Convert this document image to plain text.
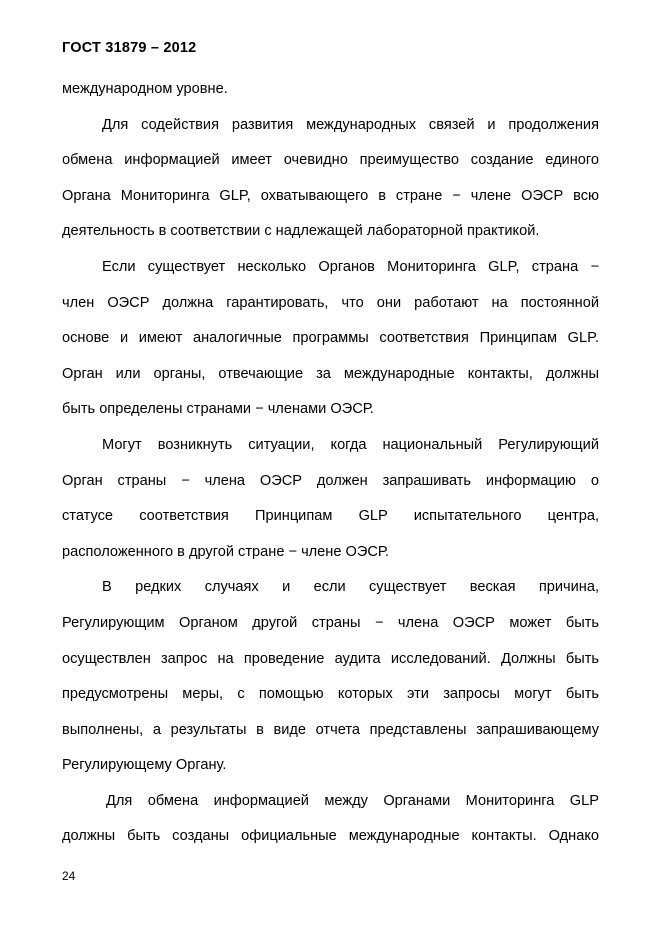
ГОСТ 31879 – 2012
международном уровне.
Для содействия развития международных связей и продолжения
обмена информацией имеет очевидно преимущество создание единого
Органа Мониторинга GLP, охватывающего в стране − члене ОЭСР всю
деятельность в соответствии с надлежащей лабораторной практикой.
Если существует несколько Органов Мониторинга GLP, страна −
член ОЭСР должна гарантировать, что они работают на постоянной
основе и имеют аналогичные программы соответствия Принципам GLP.
Орган или органы, отвечающие за международные контакты, должны
быть определены странами − членами ОЭСР.
Могут возникнуть ситуации, когда национальный Регулирующий
Орган страны − члена ОЭСР должен запрашивать информацию о
статусе соответствия Принципам GLP испытательного центра,
расположенного в другой стране − члене ОЭСР.
В редких случаях и если существует веская причина,
Регулирующим Органом другой страны − члена ОЭСР может быть
осуществлен запрос на проведение аудита исследований. Должны быть
предусмотрены меры, с помощью которых эти запросы могут быть
выполнены, а результаты в виде отчета представлены запрашивающему
Регулирующему Органу.
Для обмена информацией между Органами Мониторинга GLP
должны быть созданы официальные международные контакты. Однако
24
